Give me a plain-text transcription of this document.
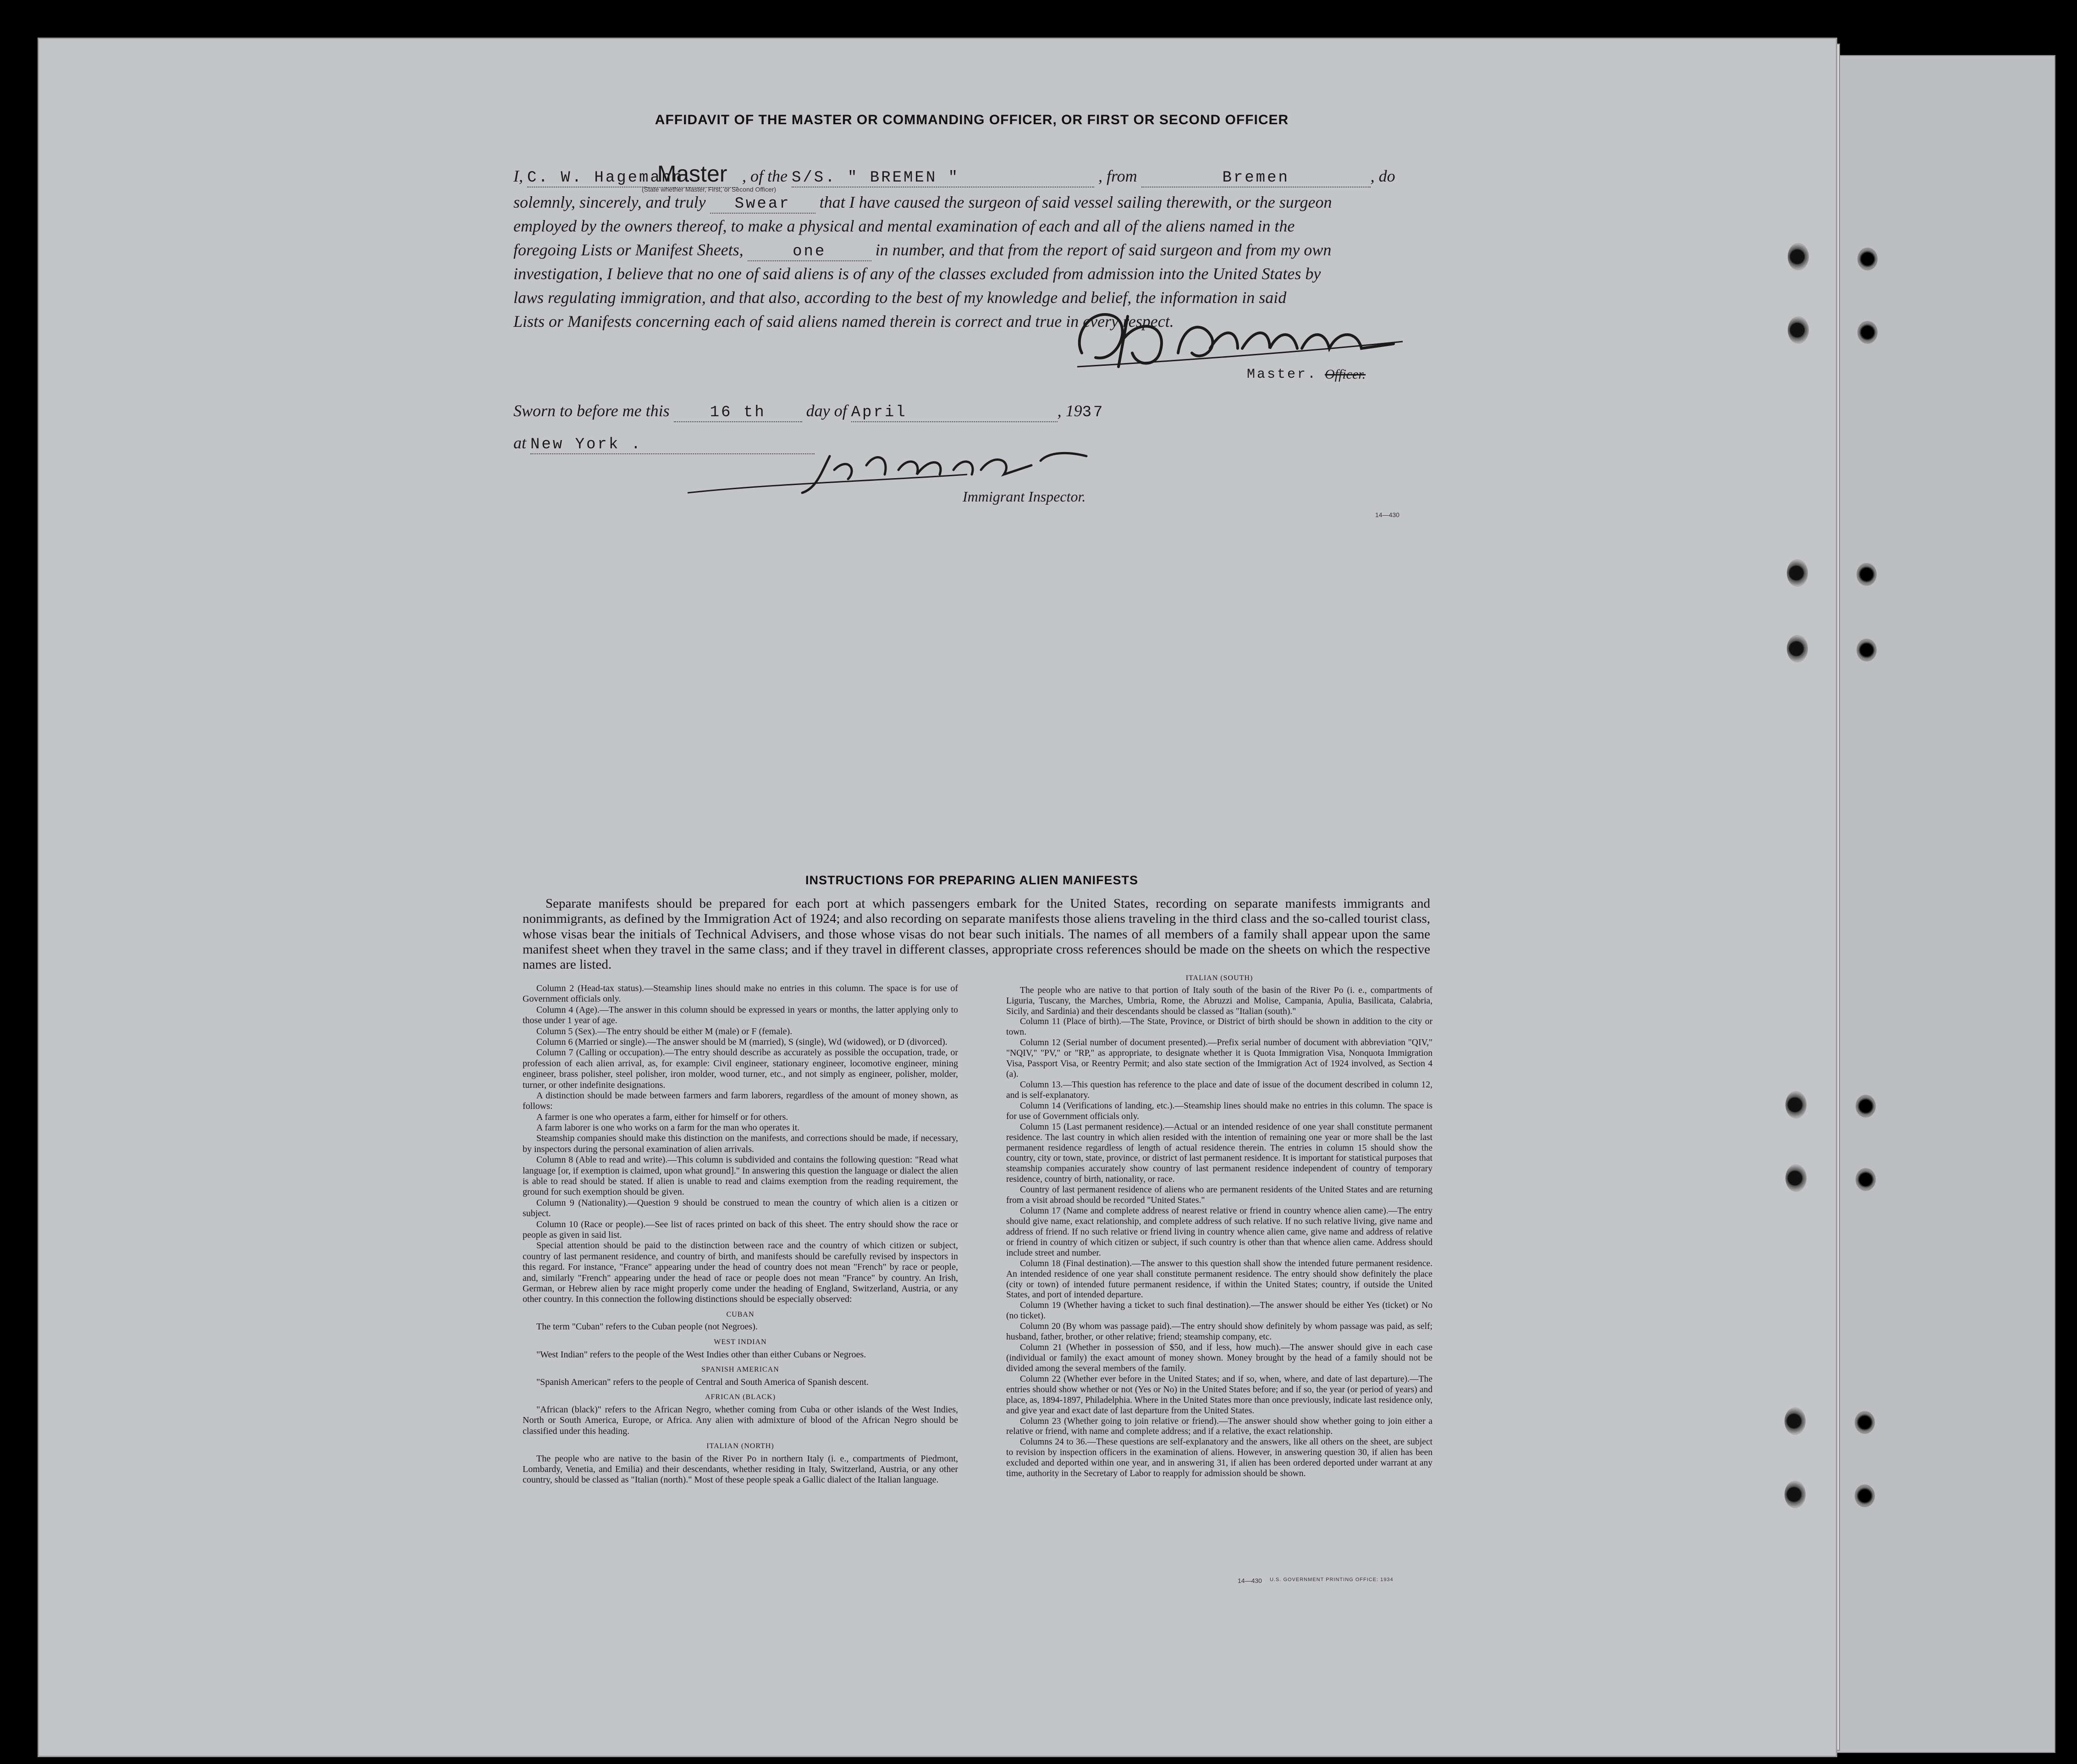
AFFIDAVIT OF THE MASTER OR COMMANDING OFFICER, OR FIRST OR SECOND OFFICER
I, C. W. HagemannMaster , of the S/S. " BREMEN "	, from	Bremen	, do
(State whether Master, First, or Second Officer)
solemnly, sincerely, and truly Swear that I have caused the surgeon of said vessel sailing therewith, or the surgeon
employed by the owners thereof, to make a physical and mental examination of each and all of the aliens named in the
foregoing Lists or Manifest Sheets,	one	in number, and that from the report of said surgeon and from my own
investigation, I believe that no one of said aliens is of any of the classes excluded from admission into the United States by
laws regulating immigration, and that also, according to the best of my knowledge and belief, the information in said
Lists or Manifests concerning each of said aliens named therein is correct and true in every respect.
Master. Officer.
Sworn to before me this	16 th day of April	, 1937
at New York .
Immigrant Inspector.
14—430
INSTRUCTIONS FOR PREPARING ALIEN MANIFESTS
Separate manifests should be prepared for each port at which passengers embark for the United States, recording on separate manifests immigrants and nonimmigrants, as defined by the Immigration Act of 1924; and also recording on separate manifests those aliens traveling in the third class and the so-called tourist class, whose visas bear the initials of Technical Advisers, and those whose visas do not bear such initials. The names of all members of a family shall appear upon the same manifest sheet when they travel in the same class; and if they travel in different classes, appropriate cross references should be made on the sheets on which the respective names are listed.

Column 2 (Head-tax status).—Steamship lines should make no entries in this column. The space is for use of Government officials only.

Column 4 (Age).—The answer in this column should be expressed in years or months, the latter applying only to those under 1 year of age.

Column 5 (Sex).—The entry should be either M (male) or F (female).

Column 6 (Married or single).—The answer should be M (married), S (single), Wd (widowed), or D (divorced).

Column 7 (Calling or occupation).—The entry should describe as accurately as possible the occupation, trade, or profession of each alien arrival, as, for example: Civil engineer, stationary engineer, locomotive engineer, mining engineer, brass polisher, steel polisher, iron molder, wood turner, etc., and not simply as engineer, polisher, molder, turner, or other indefinite designations.

A distinction should be made between farmers and farm laborers, regardless of the amount of money shown, as follows:

A farmer is one who operates a farm, either for himself or for others.

A farm laborer is one who works on a farm for the man who operates it.

Steamship companies should make this distinction on the manifests, and corrections should be made, if necessary, by inspectors during the personal examination of alien arrivals.

Column 8 (Able to read and write).—This column is subdivided and contains the following question: "Read what language [or, if exemption is claimed, upon what ground]." In answering this question the language or dialect the alien is able to read should be stated. If alien is unable to read and claims exemption from the reading requirement, the ground for such exemption should be given.

Column 9 (Nationality).—Question 9 should be construed to mean the country of which alien is a citizen or subject.

Column 10 (Race or people).—See list of races printed on back of this sheet. The entry should show the race or people as given in said list.

Special attention should be paid to the distinction between race and the country of which citizen or subject, country of last permanent residence, and country of birth, and manifests should be carefully revised by inspectors in this regard. For instance, "France" appearing under the head of country does not mean "French" by race or people, and, similarly "French" appearing under the head of race or people does not mean "France" by country. An Irish, German, or Hebrew alien by race might properly come under the heading of England, Switzerland, Austria, or any other country. In this connection the following distinctions should be especially observed:

CUBAN

The term "Cuban" refers to the Cuban people (not Negroes).

WEST INDIAN

"West Indian" refers to the people of the West Indies other than either Cubans or Negroes.

SPANISH AMERICAN

"Spanish American" refers to the people of Central and South America of Spanish descent.

AFRICAN (BLACK)

"African (black)" refers to the African Negro, whether coming from Cuba or other islands of the West Indies, North or South America, Europe, or Africa. Any alien with admixture of blood of the African Negro should be classified under this heading.

ITALIAN (NORTH)

The people who are native to the basin of the River Po in northern Italy (i. e., compartments of Piedmont, Lombardy, Venetia, and Emilia) and their descendants, whether residing in Italy, Switzerland, Austria, or any other country, should be classed as "Italian (north)." Most of these people speak a Gallic dialect of the Italian language.

ITALIAN (SOUTH)

The people who are native to that portion of Italy south of the basin of the River Po (i. e., compartments of Liguria, Tuscany, the Marches, Umbria, Rome, the Abruzzi and Molise, Campania, Apulia, Basilicata, Calabria, Sicily, and Sardinia) and their descendants should be classed as "Italian (south)."

Column 11 (Place of birth).—The State, Province, or District of birth should be shown in addition to the city or town.

Column 12 (Serial number of document presented).—Prefix serial number of document with abbreviation "QIV," "NQIV," "PV," or "RP," as appropriate, to designate whether it is Quota Immigration Visa, Nonquota Immigration Visa, Passport Visa, or Reentry Permit; and also state section of the Immigration Act of 1924 involved, as Section 4 (a).

Column 13.—This question has reference to the place and date of issue of the document described in column 12, and is self-explanatory.

Column 14 (Verifications of landing, etc.).—Steamship lines should make no entries in this column. The space is for use of Government officials only.

Column 15 (Last permanent residence).—Actual or an intended residence of one year shall constitute permanent residence. The last country in which alien resided with the intention of remaining one year or more shall be the last permanent residence regardless of length of actual residence therein. The entries in column 15 should show the country, city or town, state, province, or district of last permanent residence. It is important for statistical purposes that steamship companies accurately show country of last permanent residence independent of country of temporary residence, country of birth, nationality, or race.

Country of last permanent residence of aliens who are permanent residents of the United States and are returning from a visit abroad should be recorded "United States."

Column 17 (Name and complete address of nearest relative or friend in country whence alien came).—The entry should give name, exact relationship, and complete address of such relative. If no such relative living, give name and address of friend. If no such relative or friend living in country whence alien came, give name and address of relative or friend in country of which citizen or subject, if such country is other than that whence alien came. Address should include street and number.

Column 18 (Final destination).—The answer to this question shall show the intended future permanent residence. An intended residence of one year shall constitute permanent residence. The entry should show definitely the place (city or town) of intended future permanent residence, if within the United States; country, if outside the United States, and port of intended departure.

Column 19 (Whether having a ticket to such final destination).—The answer should be either Yes (ticket) or No (no ticket).

Column 20 (By whom was passage paid).—The entry should show definitely by whom passage was paid, as self; husband, father, brother, or other relative; friend; steamship company, etc.

Column 21 (Whether in possession of $50, and if less, how much).—The answer should give in each case (individual or family) the exact amount of money shown. Money brought by the head of a family should not be divided among the several members of the family.

Column 22 (Whether ever before in the United States; and if so, when, where, and date of last departure).—The entries should show whether or not (Yes or No) in the United States before; and if so, the year (or period of years) and place, as, 1894-1897, Philadelphia. Where in the United States more than once previously, indicate last residence only, and give year and exact date of last departure from the United States.

Column 23 (Whether going to join relative or friend).—The answer should show whether going to join either a relative or friend, with name and complete address; and if a relative, the exact relationship.

Columns 24 to 36.—These questions are self-explanatory and the answers, like all others on the sheet, are subject to revision by inspection officers in the examination of aliens. However, in answering question 30, if alien has been excluded and deported within one year, and in answering 31, if alien has been ordered deported under warrant at any time, authority in the Secretary of Labor to reapply for admission should be shown.

14—430 U.S. GOVERNMENT PRINTING OFFICE: 1934
